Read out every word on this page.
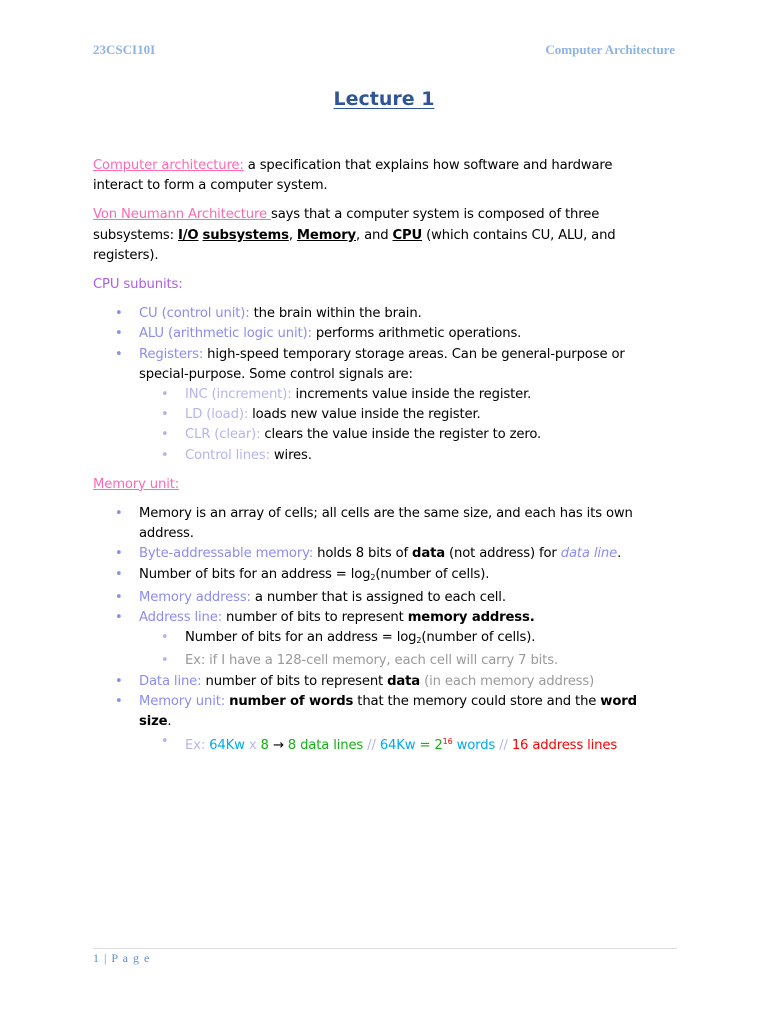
23CSCI10I	Computer Architecture
Lecture 1

Computer architecture: a specification that explains how software and hardware interact to form a computer system.

Von Neumann Architecture says that a computer system is composed of three subsystems: I/O subsystems, Memory, and CPU (which contains CU, ALU, and registers).

CPU subunits:

• CU (control unit): the brain within the brain.
• ALU (arithmetic logic unit): performs arithmetic operations.
• Registers: high-speed temporary storage areas. Can be general-purpose or special-purpose. Some control signals are:
• INC (increment): increments value inside the register.
• LD (load): loads new value inside the register.
• CLR (clear): clears the value inside the register to zero.
• Control lines: wires.

Memory unit:

• Memory is an array of cells; all cells are the same size, and each has its own address.
• Byte-addressable memory: holds 8 bits of data (not address) for data line.
• Number of bits for an address = $\log_2(number$ of cells).
• Memory address: a number that is assigned to each cell.
• Address line: number of bits to represent memory address.
• Number of bits for an address = $\log_2(number$ of cells).
• Ex: if I have a 128-cell memory, each cell will carry 7 bits.
• Data line: number of bits to represent data (in each memory address)
• Memory unit: number of words that the memory could store and the word size.
• Ex: 64Kw x 8 → 8 data lines // $64Kw = 2^{16}$ words // 16 address lines
1 | P a g e
